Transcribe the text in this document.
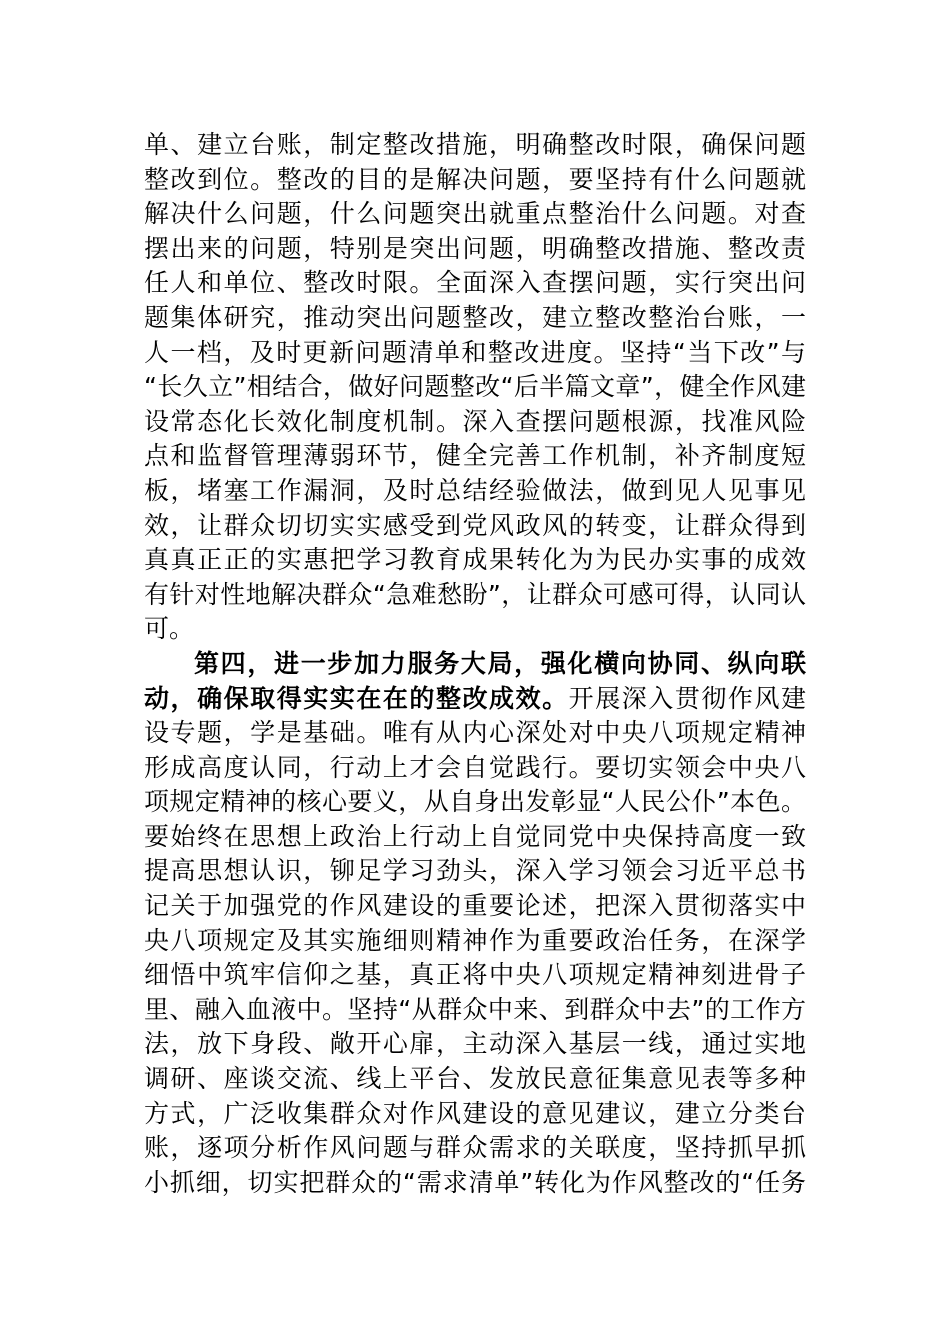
单、建立台账，制定整改措施，明确整改时限，确保问题
整改到位。整改的目的是解决问题，要坚持有什么问题就
解决什么问题，什么问题突出就重点整治什么问题。对查
摆出来的问题，特别是突出问题，明确整改措施、整改责
任人和单位、整改时限。全面深入查摆问题，实行突出问
题集体研究，推动突出问题整改，建立整改整治台账，一
人一档，及时更新问题清单和整改进度。坚持“当下改”与
“长久立”相结合，做好问题整改“后半篇文章”，健全作风建
设常态化长效化制度机制。深入查摆问题根源，找准风险
点和监督管理薄弱环节，健全完善工作机制，补齐制度短
板，堵塞工作漏洞，及时总结经验做法，做到见人见事见
效，让群众切切实实感受到党风政风的转变，让群众得到
真真正正的实惠把学习教育成果转化为为民办实事的成效
有针对性地解决群众“急难愁盼”，让群众可感可得，认同认
可。
第四，进一步加力服务大局，强化横向协同、纵向联
动，确保取得实实在在的整改成效。开展深入贯彻作风建
设专题，学是基础。唯有从内心深处对中央八项规定精神
形成高度认同，行动上才会自觉践行。要切实领会中央八
项规定精神的核心要义，从自身出发彰显“人民公仆”本色。
要始终在思想上政治上行动上自觉同党中央保持高度一致
提高思想认识，铆足学习劲头，深入学习领会习近平总书
记关于加强党的作风建设的重要论述，把深入贯彻落实中
央八项规定及其实施细则精神作为重要政治任务，在深学
细悟中筑牢信仰之基，真正将中央八项规定精神刻进骨子
里、融入血液中。坚持“从群众中来、到群众中去”的工作方
法，放下身段、敞开心扉，主动深入基层一线，通过实地
调研、座谈交流、线上平台、发放民意征集意见表等多种
方式，广泛收集群众对作风建设的意见建议，建立分类台
账，逐项分析作风问题与群众需求的关联度，坚持抓早抓
小抓细，切实把群众的“需求清单”转化为作风整改的“任务
